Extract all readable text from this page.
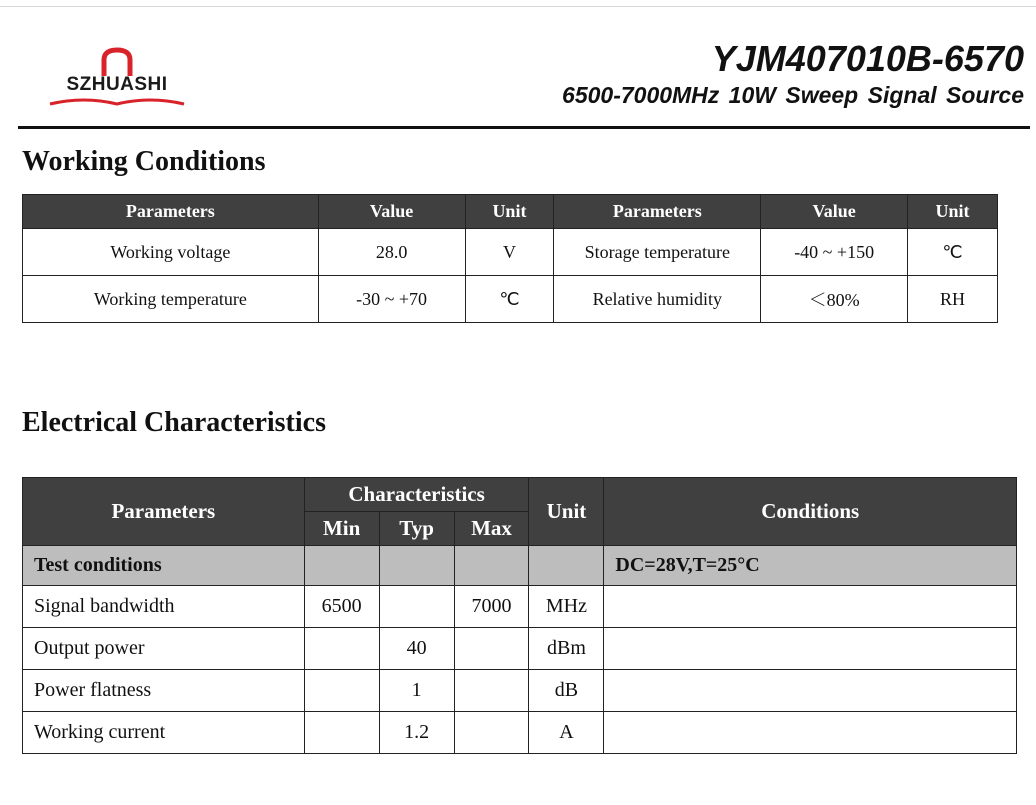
SZHUASHI
YJM407010B-6570
6500-7000MHz 10W Sweep Signal Source
Working Conditions
Parameters	Value	Unit	Parameters	Value	Unit
Working voltage	28.0	V	Storage temperature	-40 ~ +150	℃
Working temperature	-30 ~ +70	℃	Relative humidity	＜80%	RH
Electrical Characteristics
Parameters	Characteristics			Unit	Conditions
	Min	Typ	Max		
Test conditions					DC=28V,T=25°C
Signal bandwidth	6500		7000	MHz	
Output power		40		dBm	
Power flatness		1		dB	
Working current		1.2		A	
